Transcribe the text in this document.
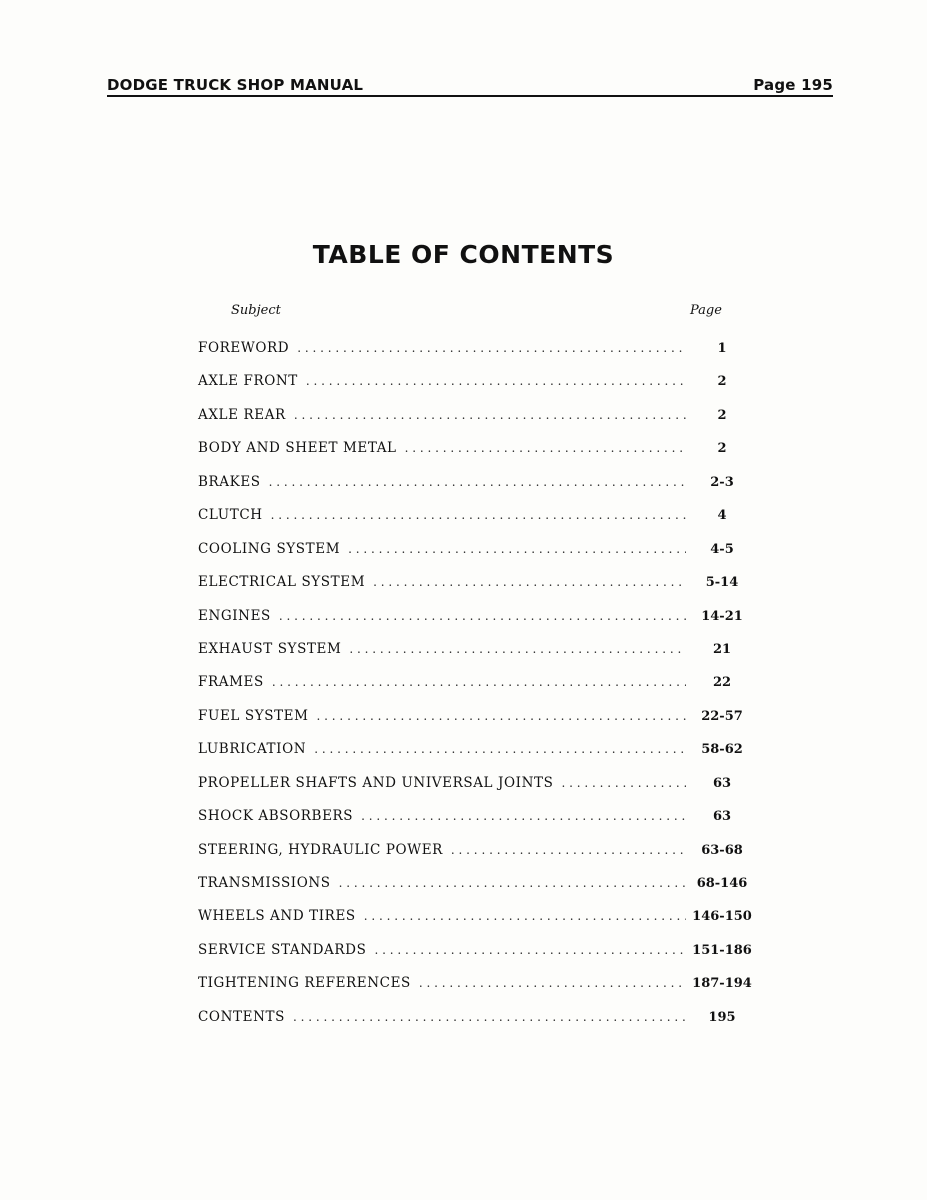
DODGE TRUCK SHOP MANUAL	Page 195
TABLE OF CONTENTS
Subject	Page
FOREWORD . . .	1
AXLE FRONT . . .	2
AXLE REAR . . .	2
BODY AND SHEET METAL . . .	2
BRAKES . . .	2-3
CLUTCH . . .	4
COOLING SYSTEM . . .	4-5
ELECTRICAL SYSTEM . . .	5-14
ENGINES . . .	14-21
EXHAUST SYSTEM . . .	21
FRAMES . . .	22
FUEL SYSTEM . . .	22-57
LUBRICATION . . .	58-62
PROPELLER SHAFTS AND UNIVERSAL JOINTS . . .	63
SHOCK ABSORBERS . . .	63
STEERING, HYDRAULIC POWER . . .	63-68
TRANSMISSIONS . . .	68-146
WHEELS AND TIRES . . .	146-150
SERVICE STANDARDS . . .	151-186
TIGHTENING REFERENCES . . .	187-194
CONTENTS . . .	195
